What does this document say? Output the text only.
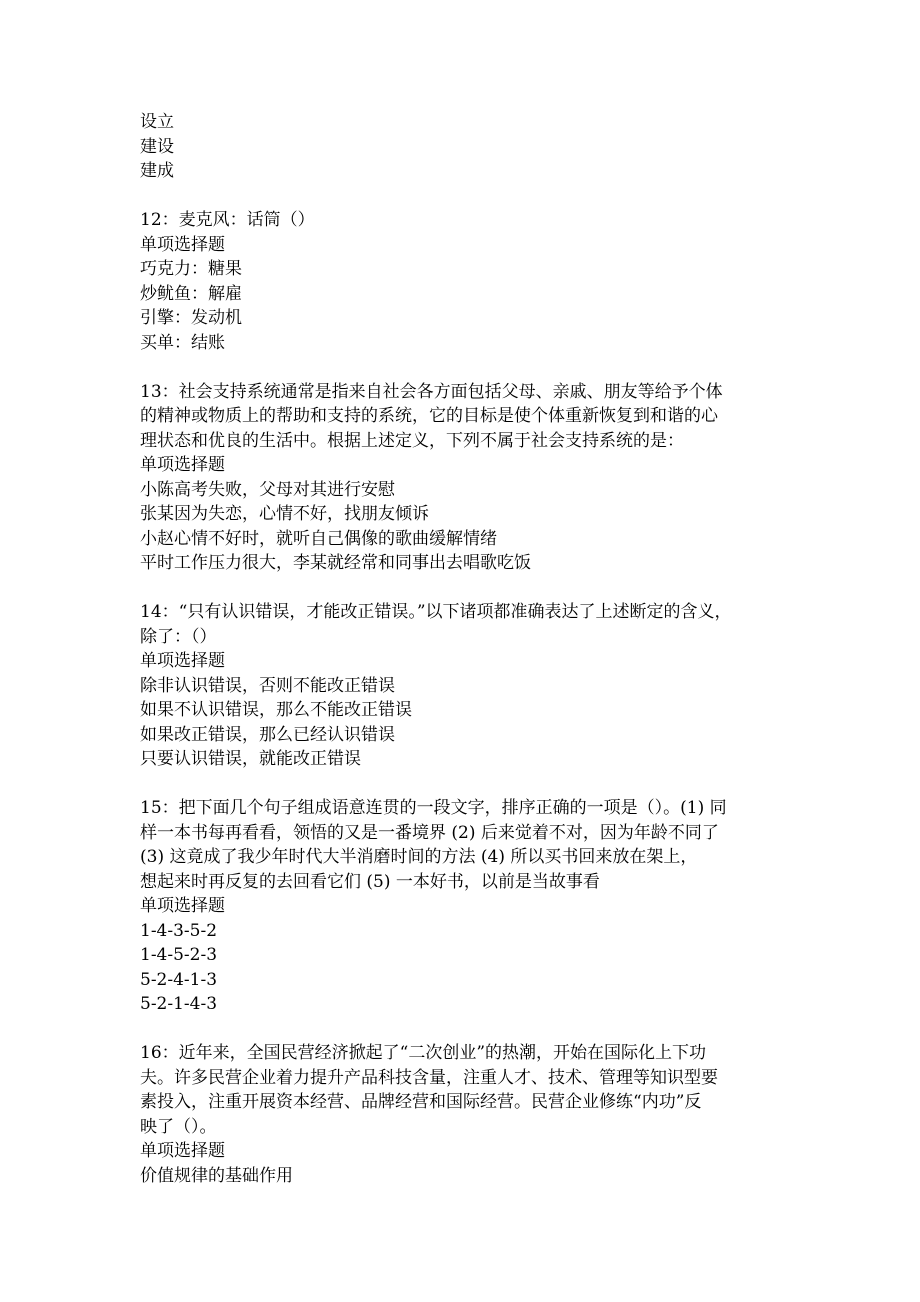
设立
建设
建成
12：麦克风：话筒（）
单项选择题
巧克力：糖果
炒鱿鱼：解雇
引擎：发动机
买单：结账
13：社会支持系统通常是指来自社会各方面包括父母、亲戚、朋友等给予个体
的精神或物质上的帮助和支持的系统，它的目标是使个体重新恢复到和谐的心
理状态和优良的生活中。根据上述定义，下列不属于社会支持系统的是：
单项选择题
小陈高考失败，父母对其进行安慰
张某因为失恋，心情不好，找朋友倾诉
小赵心情不好时，就听自己偶像的歌曲缓解情绪
平时工作压力很大，李某就经常和同事出去唱歌吃饭
14：“只有认识错误，才能改正错误。”以下诸项都准确表达了上述断定的含义，
除了：（）
单项选择题
除非认识错误，否则不能改正错误
如果不认识错误，那么不能改正错误
如果改正错误，那么已经认识错误
只要认识错误，就能改正错误
15：把下面几个句子组成语意连贯的一段文字，排序正确的一项是（）。(1) 同
样一本书每再看看，领悟的又是一番境界 (2) 后来觉着不对，因为年龄不同了
(3) 这竟成了我少年时代大半消磨时间的方法 (4) 所以买书回来放在架上，
想起来时再反复的去回看它们 (5) 一本好书，以前是当故事看
单项选择题
1-4-3-5-2
1-4-5-2-3
5-2-4-1-3
5-2-1-4-3
16：近年来，全国民营经济掀起了“二次创业”的热潮，开始在国际化上下功
夫。许多民营企业着力提升产品科技含量，注重人才、技术、管理等知识型要
素投入，注重开展资本经营、品牌经营和国际经营。民营企业修练“内功”反
映了（）。
单项选择题
价值规律的基础作用
